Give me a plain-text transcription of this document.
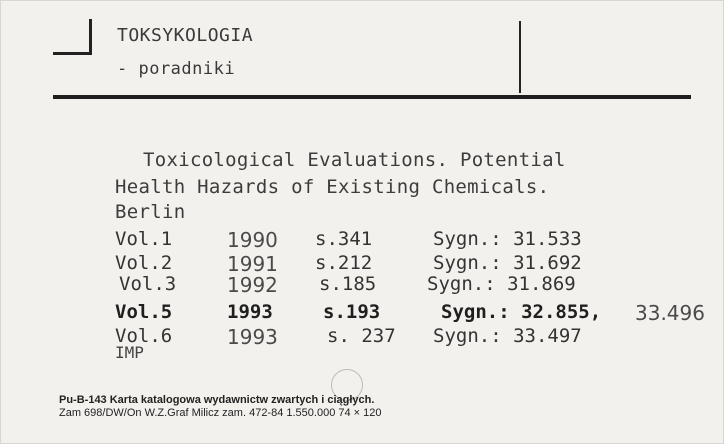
TOKSYKOLOGIA
- poradniki
Toxicological Evaluations. Potential
Health Hazards of Existing Chemicals.
Berlin
Vol.1	1990 s.341	Sygn.: 31.533
Vol.2	1991 s.212	Sygn.: 31.692
Vol.3	1992 s.185	Sygn.: 31.869
Vol.5	1993	s.193	Sygn.: 32.855, 33.496
Vol.6	1993	s. 237 Sygn.: 33.497
IMP
Pu-B-143 Karta katalogowa wydawnictw zwartych i ciągłych.
Zam 698/DW/On W.Z.Graf Milicz zam. 472-84 1.550.000 74 × 120
